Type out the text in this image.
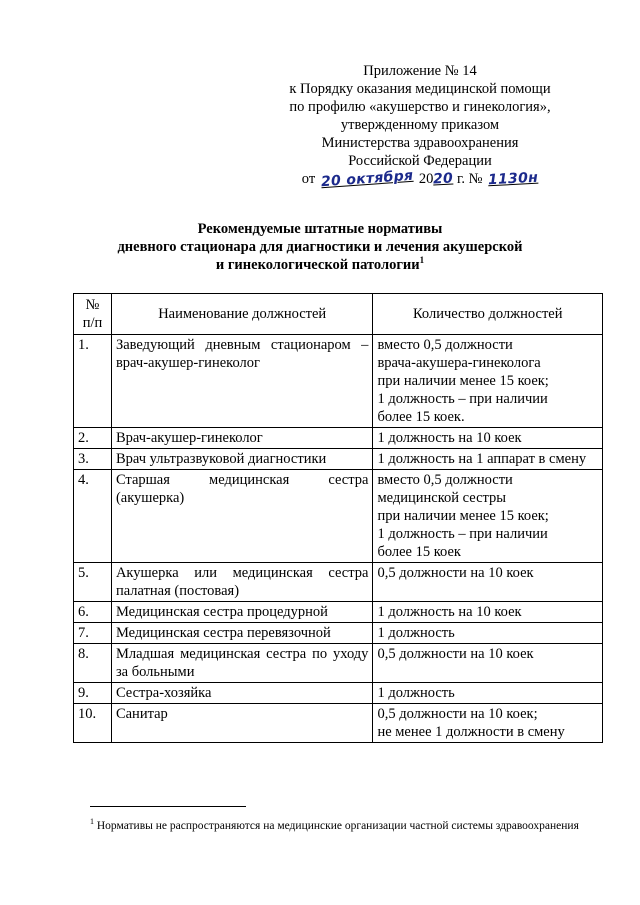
Приложение № 14
к Порядку оказания медицинской помощи
по профилю «акушерство и гинекология»,
утвержденному приказом
Министерства здравоохранения
Российской Федерации
от 20 октября 2020 г. № 1130н
Рекомендуемые штатные нормативы
дневного стационара для диагностики и лечения акушерской
и гинекологической патологии$^1$
№ п/п	Наименование должностей	Количество должностей
1.	Заведующий дневным стационаром – врач-акушер-гинеколог	вместо 0,5 должности
врача-акушера-гинеколога
при наличии менее 15 коек;
1 должность – при наличии
более 15 коек.
2.	Врач-акушер-гинеколог	1 должность на 10 коек
3.	Врач ультразвуковой диагностики	1 должность на 1 аппарат в смену
4.	Старшая медицинская сестра (акушерка)	вместо 0,5 должности
медицинской сестры
при наличии менее 15 коек;
1 должность – при наличии
более 15 коек
5.	Акушерка или медицинская сестра палатная (постовая)	0,5 должности на 10 коек
6.	Медицинская сестра процедурной	1 должность на 10 коек
7.	Медицинская сестра перевязочной	1 должность
8.	Младшая медицинская сестра по уходу за больными	0,5 должности на 10 коек
9.	Сестра-хозяйка	1 должность
10.	Санитар	0,5 должности на 10 коек;
не менее 1 должности в смену
$^1$ Нормативы не распространяются на медицинские организации частной системы здравоохранения
